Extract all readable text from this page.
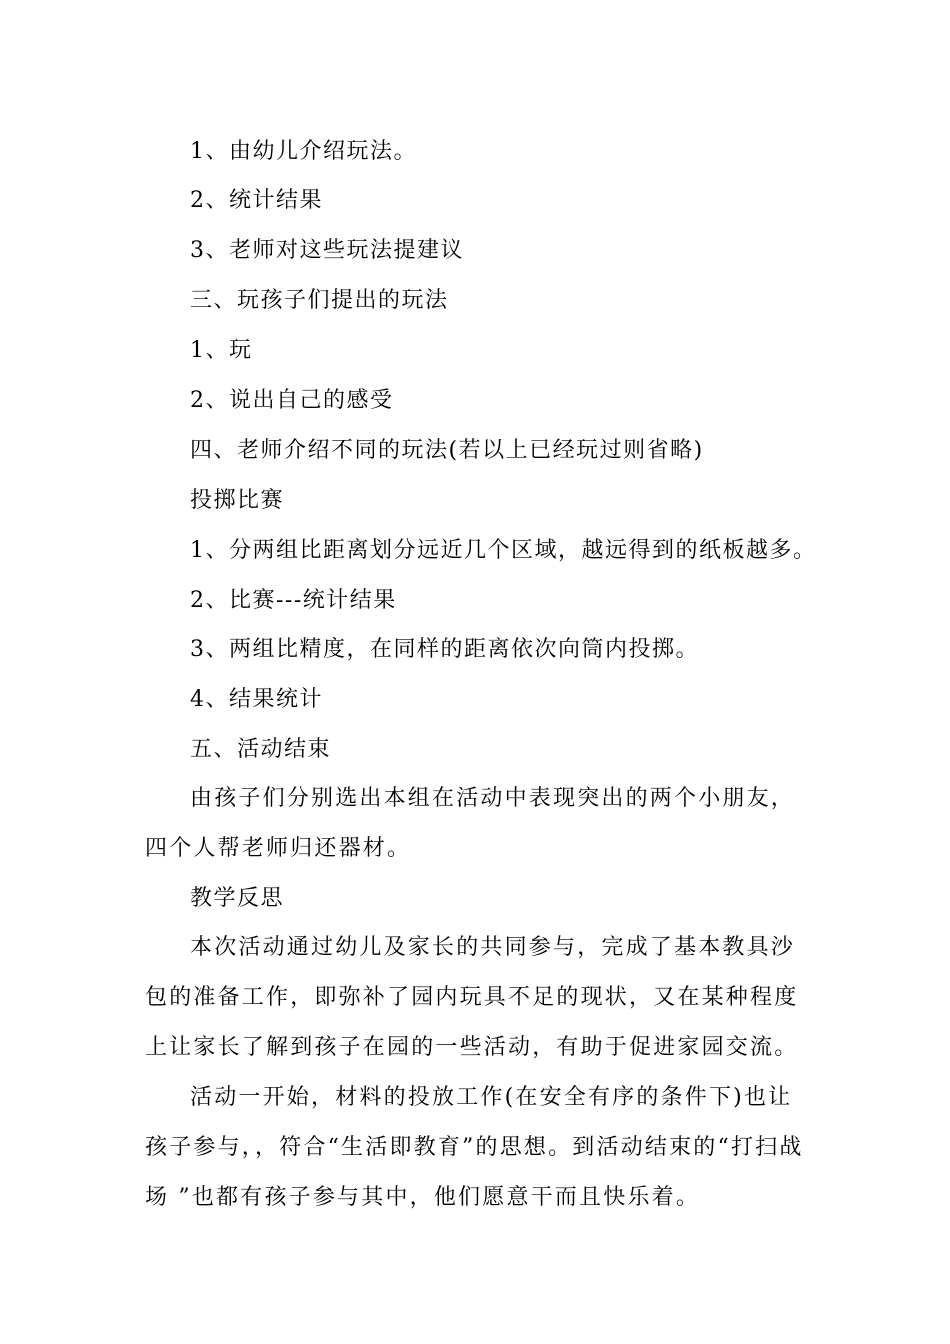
1、由幼儿介绍玩法。
2、统计结果
3、老师对这些玩法提建议
三、玩孩子们提出的玩法
1、玩
2、说出自己的感受
四、老师介绍不同的玩法(若以上已经玩过则省略)
投掷比赛
1、分两组比距离划分远近几个区域，越远得到的纸板越多。
2、比赛---统计结果
3、两组比精度，在同样的距离依次向筒内投掷。
4、结果统计
五、活动结束
由孩子们分别选出本组在活动中表现突出的两个小朋友，四个人帮老师归还器材。
教学反思
本次活动通过幼儿及家长的共同参与，完成了基本教具沙包的准备工作，即弥补了园内玩具不足的现状，又在某种程度上让家长了解到孩子在园的一些活动，有助于促进家园交流。
活动一开始，材料的投放工作(在安全有序的条件下)也让孩子参与，，符合“生活即教育”的思想。到活动结束的“打扫战场 ”也都有孩子参与其中，他们愿意干而且快乐着。
